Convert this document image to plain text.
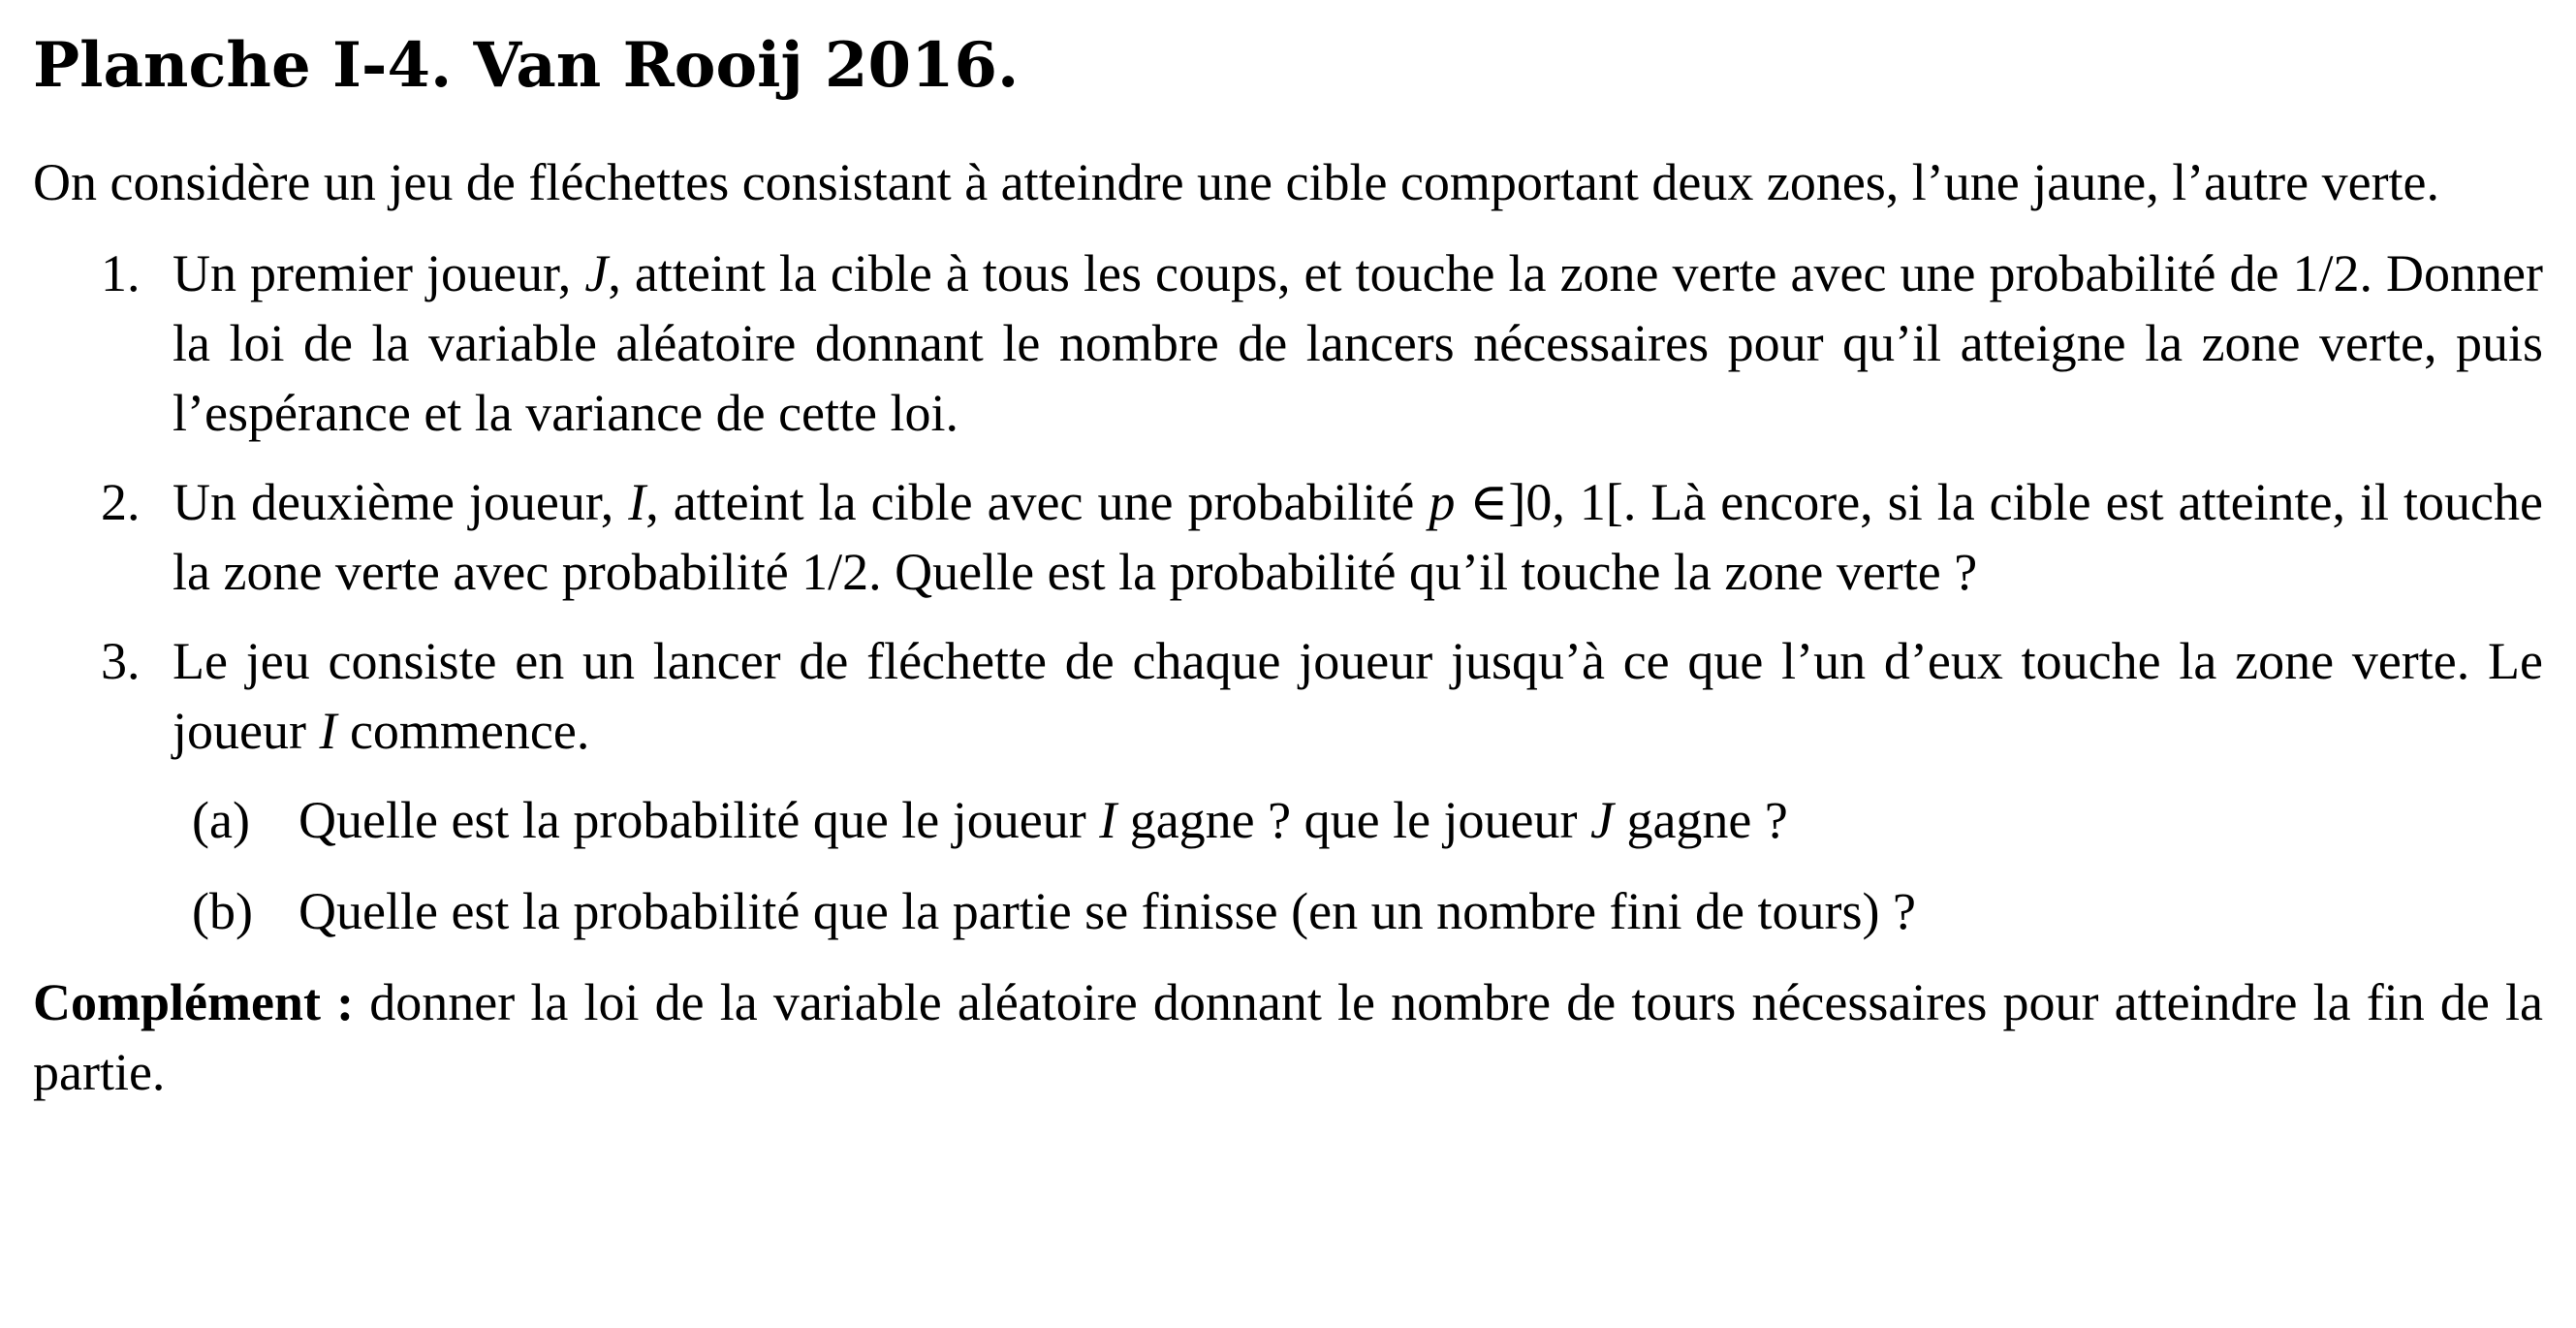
Planche I-4. Van Rooij 2016.

On considère un jeu de fléchettes consistant à atteindre une cible comportant deux zones, l’une jaune, l’autre verte.

1. Un premier joueur, J, atteint la cible à tous les coups, et touche la zone verte avec une probabilité de 1/2. Donner la loi de la variable aléatoire donnant le nombre de lancers nécessaires pour qu’il atteigne la zone verte, puis l’espérance et la variance de cette loi.

2. Un deuxième joueur, I, atteint la cible avec une probabilité p ∈]0, 1[. Là encore, si la cible est atteinte, il touche la zone verte avec probabilité 1/2. Quelle est la probabilité qu’il touche la zone verte ?

3. Le jeu consiste en un lancer de fléchette de chaque joueur jusqu’à ce que l’un d’eux touche la zone verte. Le joueur I commence.

(a) Quelle est la probabilité que le joueur I gagne ? que le joueur J gagne ?

(b) Quelle est la probabilité que la partie se finisse (en un nombre fini de tours) ?

Complément : donner la loi de la variable aléatoire donnant le nombre de tours nécessaires pour atteindre la fin de la partie.
